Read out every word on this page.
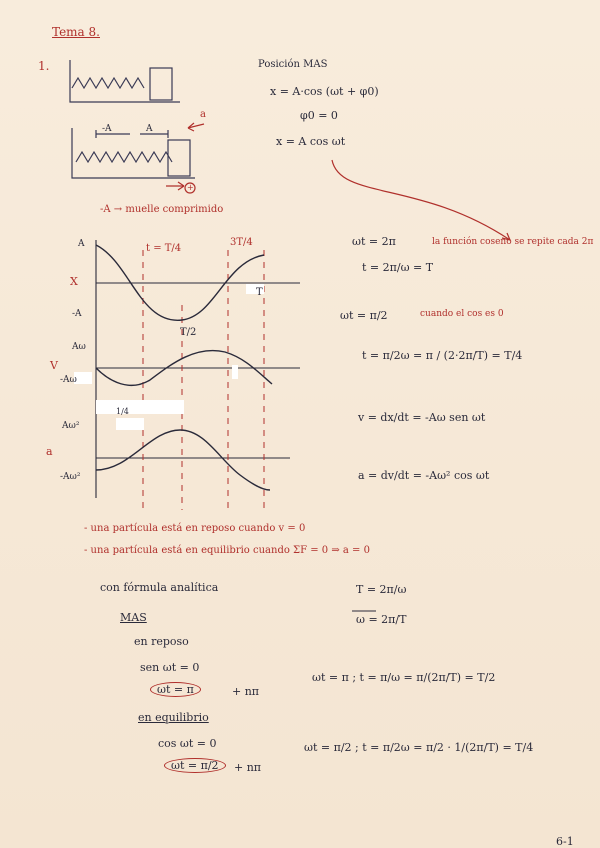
Tema 8.
1.
-A	A
a
+
-A → muelle comprimido
Posición MAS
x = A·cos (ωt + φ0)
φ0 = 0
x = A cos ωt
A
-A
X
Aω
-Aω
V
Aω²
-Aω²
a
t = T/4
T/2
3T/4
T
1/4
ωt = 2π	la función coseno se repite cada 2π
t = 2π/ω = T
ωt = π/2	cuando el cos es 0
t = π/2ω = π / (2·2π/T) = T/4
v = dx/dt = -Aω sen ωt
a = dv/dt = -Aω² cos ωt
- una partícula está en reposo cuando v = 0
- una partícula está en equilibrio cuando ΣF = 0 ⇒ a = 0
con fórmula analítica	T = 2π/ω
ω = 2π/T
MAS
en reposo
sen ωt = 0
ωt = π	+ nπ
ωt = π ; t = π/ω = π/(2π/T) = T/2
en equilibrio
cos ωt = 0
ωt = π/2	+ nπ
ωt = π/2 ; t = π/2ω = π/2 · 1/(2π/T) = T/4
6-1
